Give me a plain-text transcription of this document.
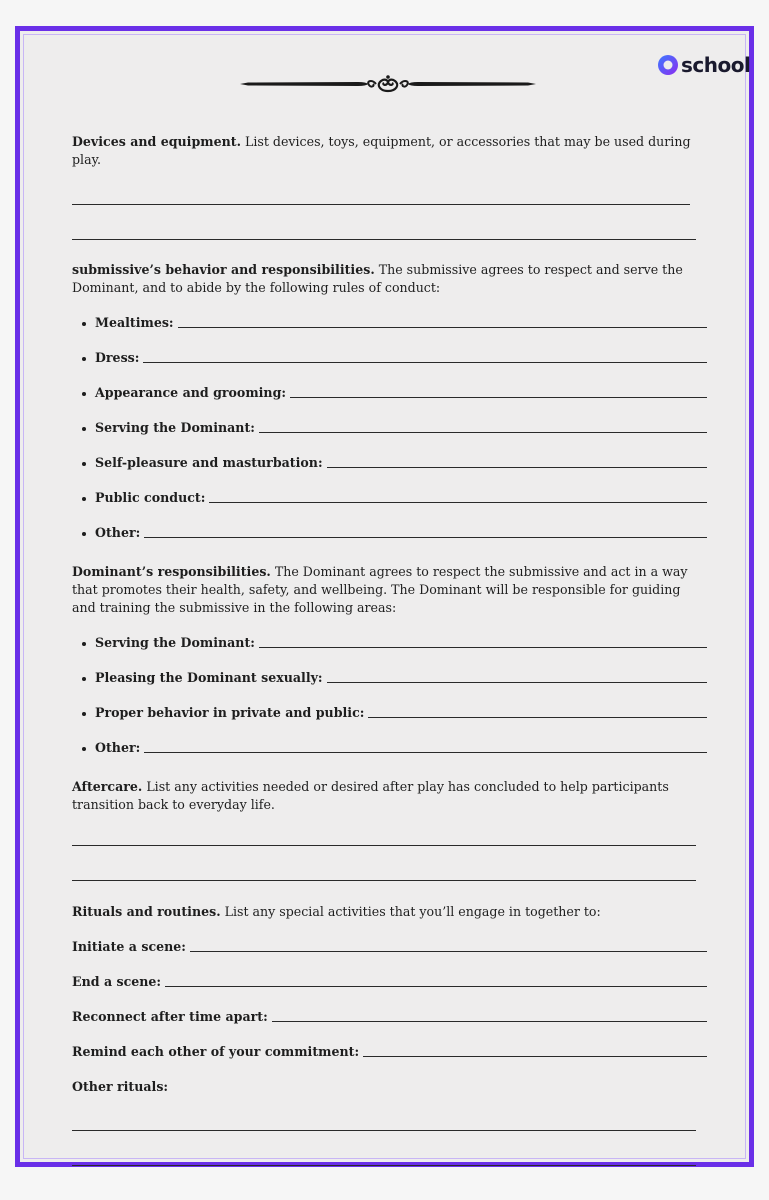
school

Devices and equipment. List devices, toys, equipment, or accessories that may be used during play.

submissive’s behavior and responsibilities. The submissive agrees to respect and serve the Dominant, and to abide by the following rules of conduct:

Mealtimes:
Dress:
Appearance and grooming:
Serving the Dominant:
Self-pleasure and masturbation:
Public conduct:
Other:

Dominant’s responsibilities. The Dominant agrees to respect the submissive and act in a way that promotes their health, safety, and wellbeing. The Dominant will be responsible for guiding and training the submissive in the following areas:

Serving the Dominant:
Pleasing the Dominant sexually:
Proper behavior in private and public:
Other:

Aftercare. List any activities needed or desired after play has concluded to help participants transition back to everyday life.

Rituals and routines. List any special activities that you’ll engage in together to:

Initiate a scene:
End a scene:
Reconnect after time apart:
Remind each other of your commitment:
Other rituals:
